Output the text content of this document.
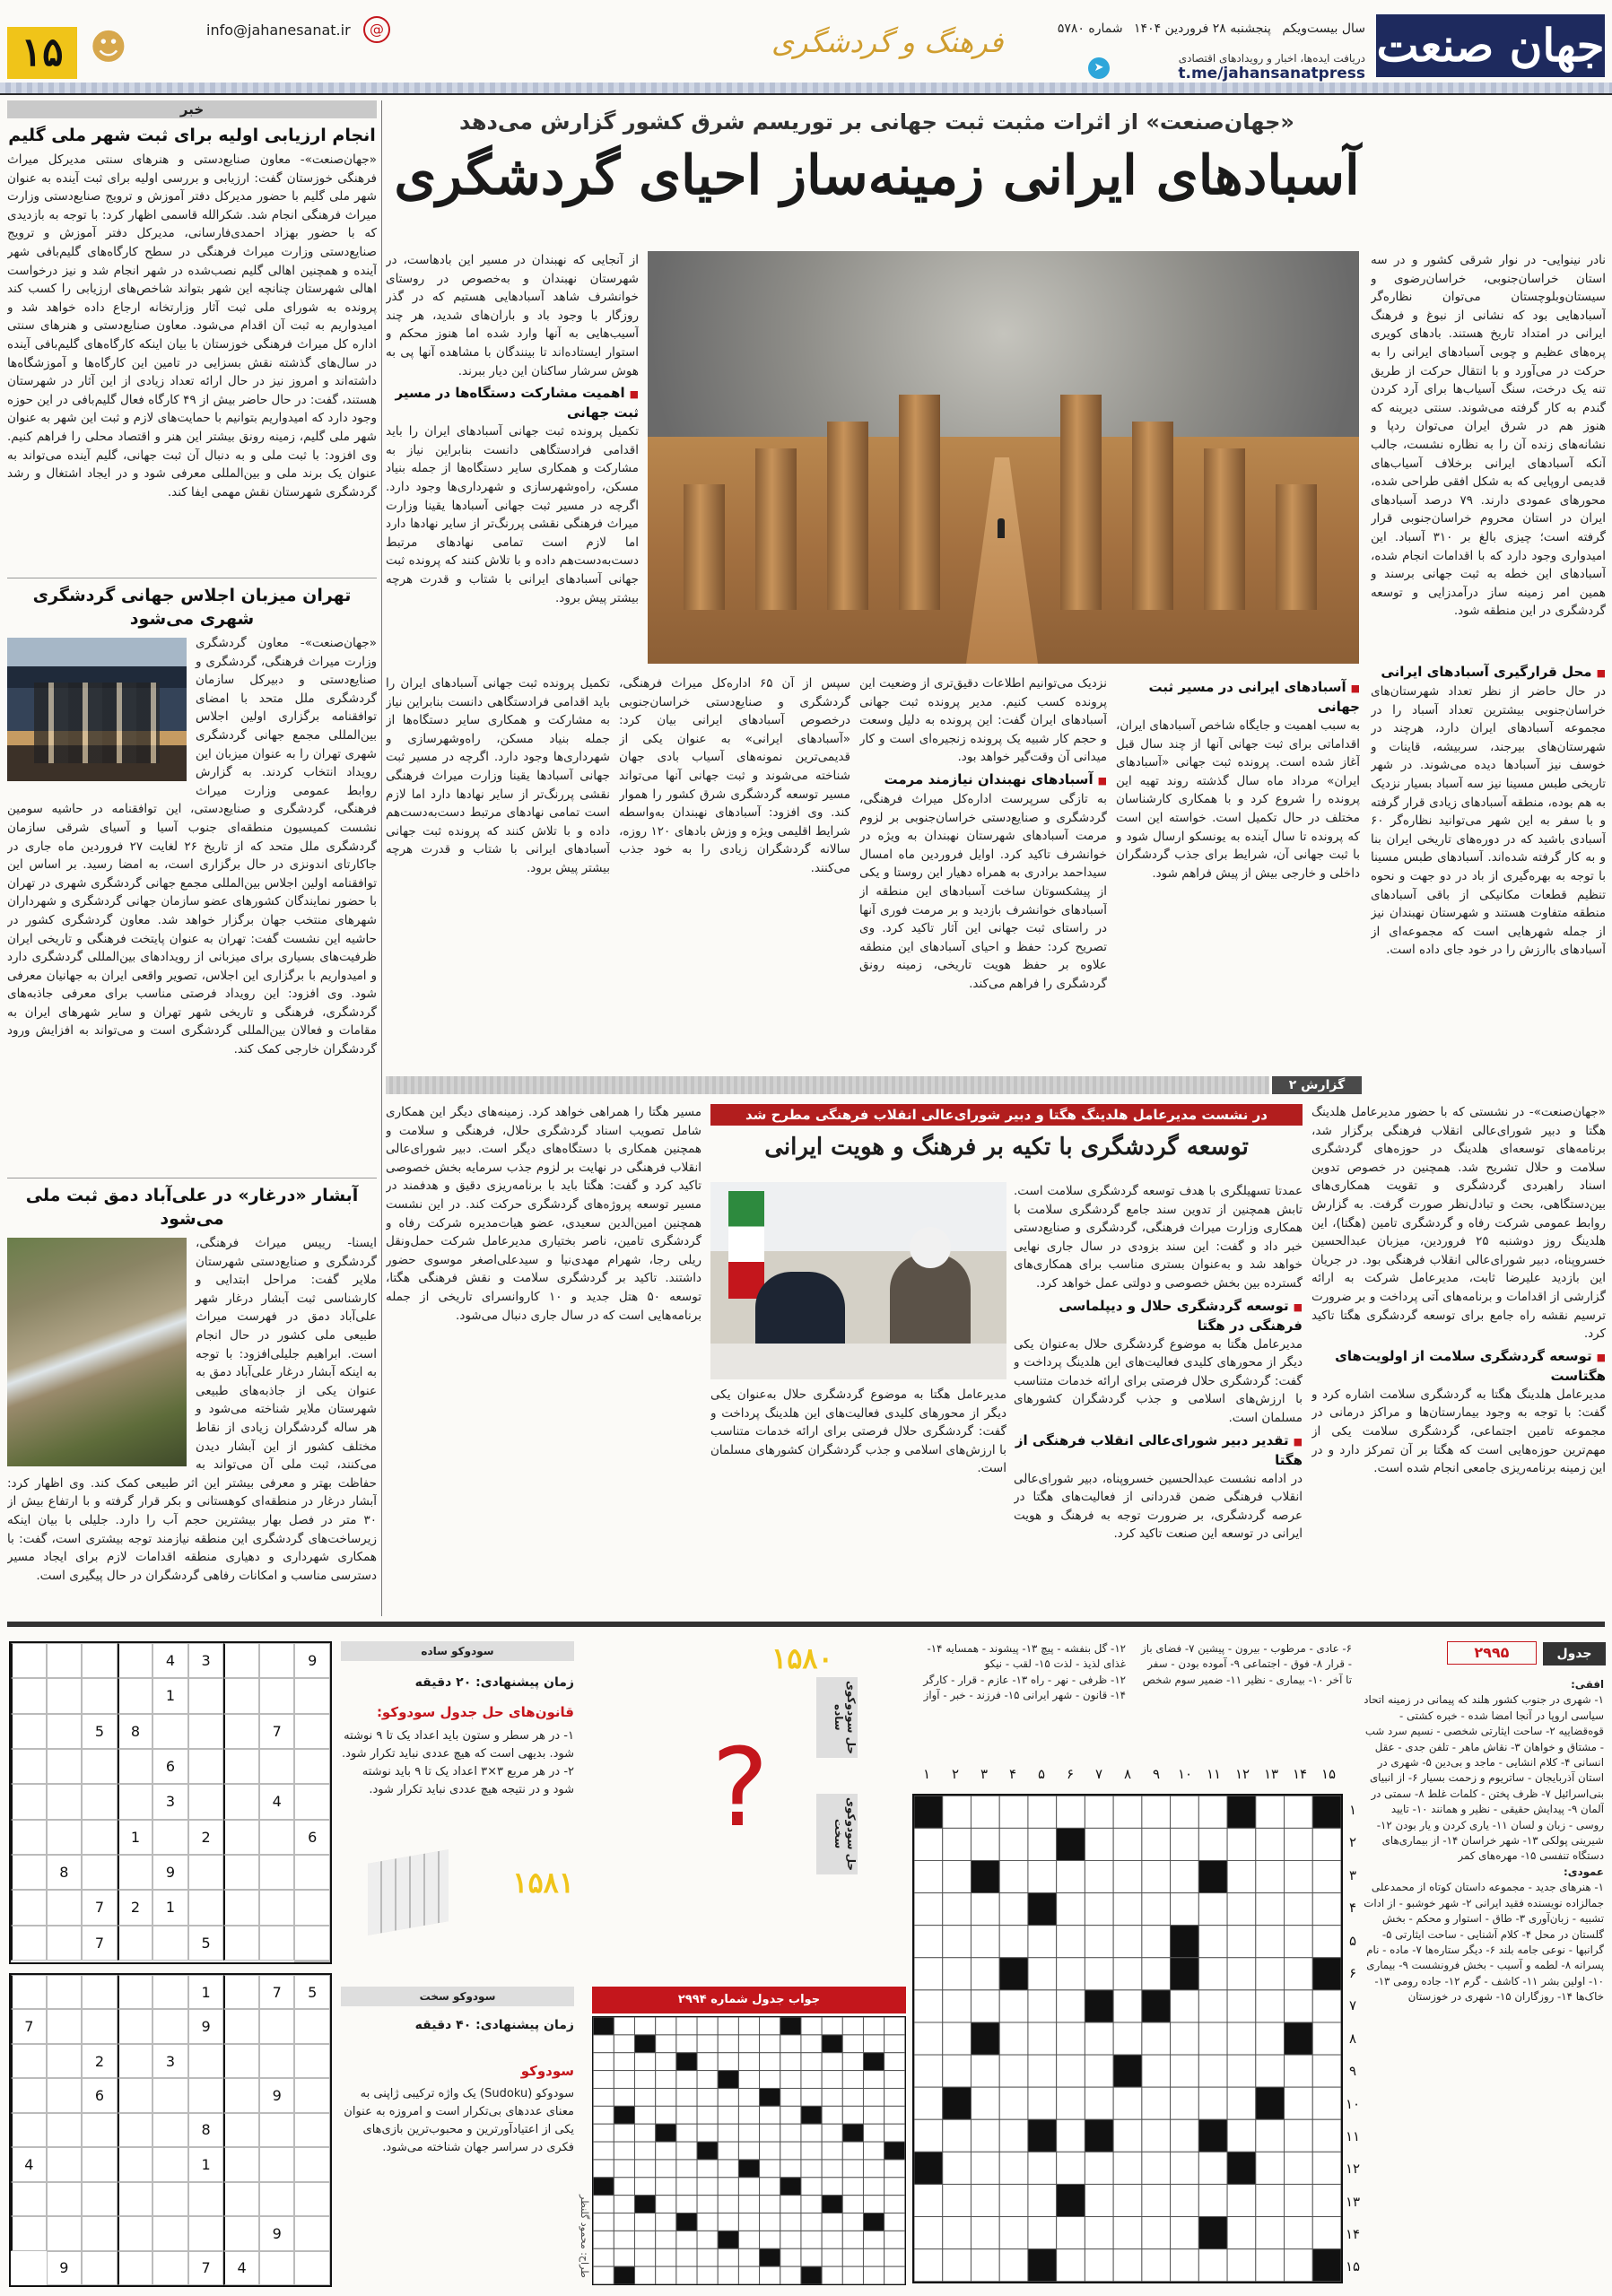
جهان صنعت
سال بیست‌ویکم پنجشنبه ۲۸ فروردین ۱۴۰۴ شماره ۵۷۸۰
دریافت ایده‌ها، اخبار و رویدادهای اقتصادی
t.me/jahansanatpress
➤
فرهنگ و گردشگری
@
info@jahanesanat.ir
☻
۱۵
خبر
انجام ارزیابی اولیه برای ثبت شهر ملی گلیم
«جهان‌صنعت»- معاون صنایع‌دستی و هنرهای سنتی مدیرکل میراث فرهنگی خوزستان گفت: ارزیابی و بررسی اولیه برای ثبت آینده به عنوان شهر ملی گلیم با حضور مدیرکل دفتر آموزش و ترویج صنایع‌دستی وزارت میراث فرهنگی انجام شد. شکرالله قاسمی اظهار کرد: با توجه به بازدیدی که با حضور بهزاد احمدی‌فارسانی، مدیرکل دفتر آموزش و ترویج صنایع‌دستی وزارت میراث فرهنگی در سطح کارگاه‌های گلیم‌بافی شهر آینده و همچنین اهالی گلیم نصب‌شده در شهر انجام شد و نیز درخواست اهالی شهرستان چنانچه این شهر بتواند شاخص‌های ارزیابی را کسب کند پرونده به شورای ملی ثبت آثار وزارتخانه ارجاع داده خواهد شد و امیدواریم به ثبت آن اقدام می‌شود. معاون صنایع‌دستی و هنرهای سنتی اداره کل میراث فرهنگی خوزستان با بیان اینکه کارگاه‌های گلیم‌بافی آینده در سال‌های گذشته نقش بسزایی در تامین این کارگاه‌ها و آموزشگاه‌ها داشته‌اند و امروز نیز در حال ارائه تعداد زیادی از این آثار در شهرستان هستند، گفت: در حال حاضر بیش از ۴۹ کارگاه فعال گلیم‌بافی در این حوزه وجود دارد که امیدواریم بتوانیم با حمایت‌های لازم و ثبت این شهر به عنوان شهر ملی گلیم، زمینه رونق بیشتر این هنر و اقتصاد محلی را فراهم کنیم. وی افزود: با ثبت ملی و به دنبال آن ثبت جهانی، گلیم آینده می‌تواند به عنوان یک برند ملی و بین‌المللی معرفی شود و در ایجاد اشتغال و رشد گردشگری شهرستان نقش مهمی ایفا کند.
تهران میزبان اجلاس جهانی گردشگری شهری می‌شود
«جهان‌صنعت»- معاون گردشگری وزارت میراث فرهنگی، گردشگری و صنایع‌دستی و دبیرکل سازمان گردشگری ملل متحد با امضای توافقنامه برگزاری اولین اجلاس بین‌المللی مجمع جهانی گردشگری شهری تهران را به عنوان میزبان این رویداد انتخاب کردند. به گزارش روابط عمومی وزارت میراث فرهنگی، گردشگری و صنایع‌دستی، این توافقنامه در حاشیه سومین نشست کمیسیون منطقه‌ای جنوب آسیا و آسیای شرقی سازمان گردشگری ملل متحد که از تاریخ ۲۶ لغایت ۲۷ فروردین ماه جاری در جاکارتای اندونزی در حال برگزاری است، به امضا رسید. بر اساس این توافقنامه اولین اجلاس بین‌المللی مجمع جهانی گردشگری شهری در تهران با حضور نمایندگان کشورهای عضو سازمان جهانی گردشگری و شهرداران شهرهای منتخب جهان برگزار خواهد شد. معاون گردشگری کشور در حاشیه این نشست گفت: تهران به عنوان پایتخت فرهنگی و تاریخی ایران ظرفیت‌های بسیاری برای میزبانی از رویدادهای بین‌المللی گردشگری دارد و امیدواریم با برگزاری این اجلاس، تصویر واقعی ایران به جهانیان معرفی شود. وی افزود: این رویداد فرصتی مناسب برای معرفی جاذبه‌های گردشگری، فرهنگی و تاریخی شهر تهران و سایر شهرهای ایران به مقامات و فعالان بین‌المللی گردشگری است و می‌تواند به افزایش ورود گردشگران خارجی کمک کند.
آبشار «درغار» در علی‌آباد دمق ثبت ملی می‌شود
ایسنا- رییس میراث فرهنگی، گردشگری و صنایع‌دستی شهرستان ملایر گفت: مراحل ابتدایی و کارشناسی ثبت آبشار درغار شهر علی‌آباد دمق در فهرست میراث طبیعی ملی کشور در حال انجام است. ابراهیم جلیلی‌افزود: با توجه به اینکه آبشار درغار علی‌آباد دمق به عنوان یکی از جاذبه‌های طبیعی شهرستان ملایر شناخته می‌شود و هر ساله گردشگران زیادی از نقاط مختلف کشور از این آبشار دیدن می‌کنند، ثبت ملی آن می‌تواند به حفاظت بهتر و معرفی بیشتر این اثر طبیعی کمک کند. وی اظهار کرد: آبشار درغار در منطقه‌ای کوهستانی و بکر قرار گرفته و با ارتفاع بیش از ۳۰ متر در فصل بهار بیشترین حجم آب را دارد. جلیلی با بیان اینکه زیرساخت‌های گردشگری این منطقه نیازمند توجه بیشتری است، گفت: با همکاری شهرداری و دهیاری منطقه اقدامات لازم برای ایجاد مسیر دسترسی مناسب و امکانات رفاهی گردشگران در حال پیگیری است.
«جهان‌صنعت» از اثرات مثبت ثبت جهانی بر توریسم شرق کشور گزارش می‌دهد
آسبادهای ایرانی زمینه‌ساز احیای گردشگری
نادر نینوایی- در نوار شرقی کشور و در سه استان خراسان‌جنوبی، خراسان‌رضوی و سیستان‌وبلوچستان می‌توان نظاره‌گر آسبادهایی بود که نشانی از نبوغ و فرهنگ ایرانی در امتداد تاریخ هستند. بادهای کویری پره‌های عظیم و چوبی آسبادهای ایرانی را به حرکت در می‌آورد و با انتقال حرکت از طریق تنه یک درخت، سنگ آسیاب‌ها برای آرد کردن گندم به کار گرفته می‌شوند. سنتی دیرینه که هنوز هم در شرق ایران می‌توان ردپا و نشانه‌های زنده آن را به نظاره نشست، جالب آنکه آسبادهای ایرانی برخلاف آسیاب‌های قدیمی اروپایی که به شکل افقی طراحی شده، محورهای عمودی دارند. ۷۹ درصد آسبادهای ایران در استان محروم خراسان‌جنوبی قرار گرفته است؛ چیزی بالغ بر ۳۱۰ آسباد. این امیدواری وجود دارد که با اقدامات انجام شده، آسبادهای این خطه به ثبت جهانی برسند و همین امر زمینه ساز درآمدزایی و توسعه گردشگری در این منطقه شود.
■ محل قرارگیری آسبادهای ایرانی
در حال حاضر از نظر تعداد شهرستان‌های خراسان‌جنوبی بیشترین تعداد آسباد را در مجموعه آسبادهای ایران دارد، هرچند در شهرستان‌های بیرجند، سربیشه، قاینات و خوسف نیز آسبادها دیده می‌شوند. در شهر تاریخی طبس مسینا نیز سه آسباد بسیار نزدیک به هم بوده، منطقه آسبادهای زیادی قرار گرفته و با سفر به این شهر می‌توانید نظاره‌گر ۶۰ آسبادی باشید که در دوره‌های تاریخی ایران بنا و به کار گرفته شده‌اند. آسبادهای طبس مسینا با توجه به بهره‌گیری از باد در دو جهت و نحوه تنظیم قطعات مکانیکی از باقی آسبادهای منطقه متفاوت هستند و شهرستان نهبندان نیز از جمله شهرهایی است که مجموعه‌ای از آسبادهای باارزش را در خود جای داده است.
از آنجایی که نهبندان در مسیر این بادهاست، در شهرستان نهبندان و به‌خصوص در روستای خوانشرف شاهد آسبادهایی هستیم که در گذر روزگار با وجود باد و باران‌های شدید، هر چند آسیب‌هایی به آنها وارد شده اما هنوز محکم و استوار ایستاده‌اند تا بینندگان با مشاهده آنها پی به هوش سرشار ساکنان این دیار ببرند.
■ اهمیت مشارکت دستگاه‌ها در مسیر ثبت جهانی
تکمیل پرونده ثبت جهانی آسبادهای ایران را باید اقدامی فرادستگاهی دانست بنابراین نیاز به مشارکت و همکاری سایر دستگاه‌ها از جمله بنیاد مسکن، راه‌وشهرسازی و شهرداری‌ها وجود دارد. اگرچه در مسیر ثبت جهانی آسبادها یقینا وزارت میراث فرهنگی نقشی پررنگ‌تر از سایر نهادها دارد اما لازم است تمامی نهادهای مرتبط دست‌به‌دست‌هم داده و با تلاش کنند که پرونده ثبت جهانی آسبادهای ایرانی با شتاب و قدرت هرچه بیشتر پیش برود.
تکمیل پرونده ثبت جهانی آسبادهای ایران را باید اقدامی فرادستگاهی دانست بنابراین نیاز به مشارکت و همکاری سایر دستگاه‌ها از جمله بنیاد مسکن، راه‌وشهرسازی و شهرداری‌ها وجود دارد. اگرچه در مسیر ثبت جهانی آسبادها یقینا وزارت میراث فرهنگی نقشی پررنگ‌تر از سایر نهادها دارد اما لازم است تمامی نهادهای مرتبط دست‌به‌دست‌هم داده و با تلاش کنند که پرونده ثبت جهانی آسبادهای ایرانی با شتاب و قدرت هرچه بیشتر پیش برود.
سپس از آن ۶۵ اداره‌کل میراث فرهنگی، گردشگری و صنایع‌دستی خراسان‌جنوبی درخصوص آسبادهای ایرانی بیان کرد: «آسبادهای ایرانی» به عنوان یکی از قدیمی‌ترین نمونه‌های آسیاب بادی جهان شناخته می‌شوند و ثبت جهانی آنها می‌تواند مسیر توسعه گردشگری شرق کشور را هموار کند. وی افزود: آسبادهای نهبندان به‌واسطه شرایط اقلیمی ویژه و وزش بادهای ۱۲۰ روزه، سالانه گردشگران زیادی را به خود جذب می‌کنند.
نزدیک می‌توانیم اطلاعات دقیق‌تری از وضعیت این پرونده کسب کنیم. مدیر پرونده ثبت جهانی آسبادهای ایران گفت: این پرونده به دلیل وسعت و حجم کار شبیه یک پرونده زنجیره‌ای است و کار میدانی آن وقت‌گیر خواهد بود.
■ آسبادهای نهبندان نیازمند مرمت
به تازگی سرپرست اداره‌کل میراث فرهنگی، گردشگری و صنایع‌دستی خراسان‌جنوبی بر لزوم مرمت آسبادهای شهرستان نهبندان به ویژه در خوانشرف تاکید کرد. اوایل فروردین ماه امسال سیداحمد برادری به همراه دهیار این روستا و یکی از پیشکسوتان ساخت آسبادهای این منطقه از آسبادهای خوانشرف بازدید و بر مرمت فوری آنها در راستای ثبت جهانی این آثار تاکید کرد. وی تصریح کرد: حفظ و احیای آسبادهای این منطقه علاوه بر حفظ هویت تاریخی، زمینه رونق گردشگری را فراهم می‌کند.
■ آسبادهای ایرانی در مسیر ثبت جهانی
به سبب اهمیت و جایگاه شاخص آسبادهای ایران، اقداماتی برای ثبت جهانی آنها از چند سال قبل آغاز شده است. پرونده ثبت جهانی «آسبادهای ایران» مرداد ماه سال گذشته روند تهیه این پرونده را شروع کرد و با همکاری کارشناسان مختلف در حال تکمیل است. خواسته این است که پرونده تا سال آینده به یونسکو ارسال شود و با ثبت جهانی آن، شرایط برای جذب گردشگران داخلی و خارجی بیش از پیش فراهم شود.
گزارش ۲
«جهان‌صنعت»- در نشستی که با حضور مدیرعامل هلدینگ هگتا و دبیر شورای‌عالی انقلاب فرهنگی برگزار شد، برنامه‌های توسعه‌ای هلدینگ در حوزه‌های گردشگری سلامت و حلال تشریح شد. همچنین در خصوص تدوین اسناد راهبردی گردشگری و تقویت همکاری‌های بین‌دستگاهی، بحث و تبادل‌نظر صورت گرفت. به گزارش روابط عمومی شرکت رفاه و گردشگری تامین (هگتا)، این هلدینگ روز دوشنبه ۲۵ فروردین، میزبان عبدالحسین خسروپناه، دبیر شورای‌عالی انقلاب فرهنگی بود. در جریان این بازدید علیرضا ثابت، مدیرعامل شرکت به ارائه گزارشی از اقدامات و برنامه‌های آتی پرداخت و بر ضرورت ترسیم نقشه راه جامع برای توسعه گردشگری هگتا تاکید کرد.
■ توسعه گردشگری سلامت از اولویت‌های هگتاست
مدیرعامل هلدینگ هگتا به گردشگری سلامت اشاره کرد و گفت: با توجه به وجود بیمارستان‌ها و مراکز درمانی در مجموعه تامین اجتماعی، گردشگری سلامت یکی از مهم‌ترین حوزه‌هایی است که هگتا بر آن تمرکز دارد و در این زمینه برنامه‌ریزی جامعی انجام شده است.
در نشست مدیرعامل هلدینگ هگتا و دبیر شورای‌عالی انقلاب فرهنگی مطرح شد
توسعه گردشگری با تکیه بر فرهنگ و هویت ایرانی
عمدتا تسهیلگری با هدف توسعه گردشگری سلامت است. تابش همچنین از تدوین سند جامع گردشگری سلامت با همکاری وزارت میراث فرهنگی، گردشگری و صنایع‌دستی خبر داد و گفت: این سند بزودی در سال جاری نهایی خواهد شد و به‌عنوان بستری مناسب برای همکاری‌های گسترده بین بخش خصوصی و دولتی عمل خواهد کرد.
■ توسعه گردشگری حلال و دیپلماسی فرهنگی در هگتا
مدیرعامل هگتا به موضوع گردشگری حلال به‌عنوان یکی دیگر از محورهای کلیدی فعالیت‌های این هلدینگ پرداخت و گفت: گردشگری حلال فرصتی برای ارائه خدمات متناسب با ارزش‌های اسلامی و جذب گردشگران کشورهای مسلمان است.
■ تقدیر دبیر شورای‌عالی انقلاب فرهنگی از هگتا
در ادامه نشست عبدالحسین خسروپناه، دبیر شورای‌عالی انقلاب فرهنگی ضمن قدردانی از فعالیت‌های هگتا در عرصه گردشگری، بر ضرورت توجه به فرهنگ و هویت ایرانی در توسعه این صنعت تاکید کرد.
مدیرعامل هگتا به موضوع گردشگری حلال به‌عنوان یکی دیگر از محورهای کلیدی فعالیت‌های این هلدینگ پرداخت و گفت: گردشگری حلال فرصتی برای ارائه خدمات متناسب با ارزش‌های اسلامی و جذب گردشگران کشورهای مسلمان است.
مسیر هگتا را همراهی خواهد کرد. زمینه‌های دیگر این همکاری شامل تصویب اسناد گردشگری حلال، فرهنگی و سلامت و همچنین همکاری با دستگاه‌های دیگر است. دبیر شورای‌عالی انقلاب فرهنگی در نهایت بر لزوم جذب سرمایه بخش خصوصی تاکید کرد و گفت: هگتا باید با برنامه‌ریزی دقیق و هدفمند در مسیر توسعه پروژه‌های گردشگری حرکت کند. در این نشست همچنین امین‌الدین سعیدی، عضو هیات‌مدیره شرکت رفاه و گردشگری تامین، ناصر بختیاری مدیرعامل شرکت حمل‌ونقل ریلی رجا، شهرام مهدی‌نیا و سیدعلی‌اصغر موسوی حضور داشتند. تاکید بر گردشگری سلامت و نقش فرهنگی هگتا، توسعه ۵۰ هتل جدید و ۱۰ کاروانسرای تاریخی از جمله برنامه‌هایی است که در سال جاری دنبال می‌شود.
جدول ۲۹۹۵
افقی:
۱- شهری در جنوب کشور هلند که پیمانی در زمینه اتحاد سیاسی اروپا در آنجا امضا شده - خبره کشتی - قوه‌قضاییه ۲- ساحت ایثارتی شخصی - نسیم سرد شب - مشتاق و خواهان ۳- نقاش ماهر - تلفن جدی - عقل انسانی ۴- کلام انشایی - ماجد و بی‌دین ۵- شهری در استان آذربایجان - ساتریوم و زحمت بسیار ۶- از انبیای بنی‌اسرائیل ۷- ظرف پختن - کلمات غلط ۸- سمتی در آلمان ۹- پیدایش حقیقی - نظیر و همانند ۱۰- تایید روسی - زبان و لسان ۱۱- یاری کردن و یار بودن ۱۲- شیرینی پولکی ۱۳- شهر خراسان ۱۴- از بیماری‌های دستگاه تنفسی ۱۵- مهره‌های کمر
عمودی:
۱- هنرهای جدید - مجموعه داستان کوتاه از محمدعلی جمالزاده نویسنده فقید ایرانی ۲- شهر خوشبو - از ادات تشبیه - زبان‌آوری ۳- طاق - استوار و محکم - بخش گلستان در محل ۴- کلام آشنایی - ساحت ایثارتی ۵- گرانبها - نوعی جامه بلند ۶- دیگر ستاره‌ها ۷- ماده - نام پسرانه ۸- لطمه و آسیب - بخش فرونشست ۹- بیماری ۱۰- اولین بشر ۱۱- کاشف - گرم ۱۲- جاده رومی ۱۳- خاک‌ها ۱۴- روزگاران ۱۵- شهری در خوزستان
۶- عادی - مرطوب - بیرون - پیشین ۷- فضای باز - قرار ۸- فوق - اجتماعی ۹- آموده بودن - سفر تا آخر ۱۰- بیماری - نظیر ۱۱- ضمیر سوم شخص ۱۲- گل بنفشه - پیچ ۱۳- پیشوند - همسایه ۱۴- غذای لذیذ - لذت ۱۵- لقب - نیکو
۱۲- ظرفی - نهر - راه ۱۳- عازم - قرار - کارگر ۱۴- قانون - شهر ایرانی ۱۵- فرزند - خبر - آواز
۱۵۱۴۱۳۱۲۱۱۱۰۹۸۷۶۵۴۳۲۱
۱
۲
۳
۴
۵
۶
۷
۸
۹
۱۰
۱۱
۱۲
۱۳
۱۴
۱۵
۱۵۸۰
حل سودوکوی ساده
حل سودوکوی سخت
?
جواب جدول شماره ۲۹۹۴
طراح: محمود گلنظر
سودوکو ساده
زمان پیشنهادی: ۲۰ دقیقه
قانون‌های حل جدول سودوکو:
۱- در هر سطر و ستون باید اعداد یک تا ۹ نوشته شود. بدیهی است که هیچ عددی نباید تکرار شود. ۲- در هر مربع ۳×۳ اعداد یک تا ۹ باید نوشته شود و در نتیجه هیچ عددی نباید تکرار شود.
۱۵۸۱
سودوکو سخت
زمان پیشنهادی: ۴۰ دقیقه
سودوکو
سودوکو (Sudoku) یک واژه ترکیبی ژاپنی به معنای عددهای بی‌تکرار است و امروزه به عنوان یکی از اعتیادآورترین و محبوب‌ترین بازی‌های فکری در سراسر جهان شناخته می‌شود.
9
3
4
1
7
8
5
6
4
3
6
2
1
9
8
1
2
7
5
7
5
7
1
9
7
3
2
9
6
8
1
4
9
4
7
9
